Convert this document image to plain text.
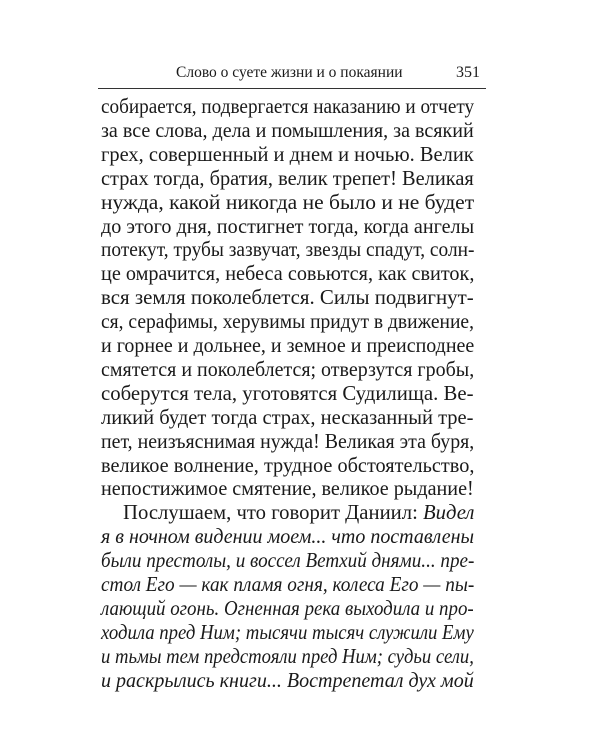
Слово о суете жизни и о покаянии	351
собирается, подвергается наказанию и отчету
за все слова, дела и помышления, за всякий
грех, совершенный и днем и ночью. Велик
страх тогда, братия, велик трепет! Великая
нужда, какой никогда не было и не будет
до этого дня, постигнет тогда, когда ангелы
потекут, трубы зазвучат, звезды спадут, солн-
це омрачится, небеса совьются, как свиток,
вся земля поколеблется. Силы подвигнут-
ся, серафимы, херувимы придут в движение,
и горнее и дольнее, и земное и преисподнее
смятется и поколеблется; отверзутся гробы,
соберутся тела, уготовятся Судилища. Ве-
ликий будет тогда страх, несказанный тре-
пет, неизъяснимая нужда! Великая эта буря,
великое волнение, трудное обстоятельство,
непостижимое смятение, великое рыдание!
Послушаем, что говорит Даниил: Видел
я в ночном видении моем... что поставлены
были престолы, и воссел Ветхий днями... пре-
стол Его — как пламя огня, колеса Его — пы-
лающий огонь. Огненная река выходила и про-
ходила пред Ним; тысячи тысяч служили Ему
и тьмы тем предстояли пред Ним; судьи сели,
и раскрылись книги... Вострепетал дух мой
